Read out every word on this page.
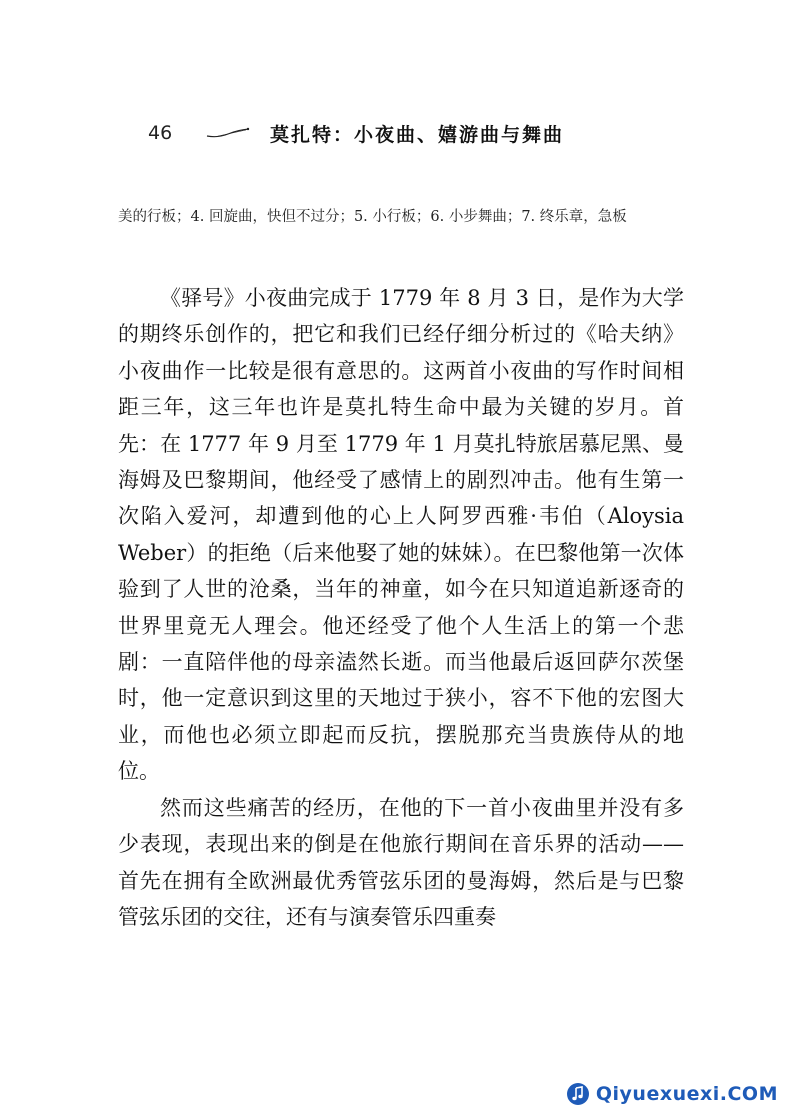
46	莫扎特：小夜曲、嬉游曲与舞曲
美的行板；4. 回旋曲，快但不过分；5. 小行板；6. 小步舞曲；7. 终乐章，急板

《驿号》小夜曲完成于 1779 年 8 月 3 日，是作为大学的期终乐创作的，把它和我们已经仔细分析过的《哈夫纳》小夜曲作一比较是很有意思的。这两首小夜曲的写作时间相距三年，这三年也许是莫扎特生命中最为关键的岁月。首先：在 1777 年 9 月至 1779 年 1 月莫扎特旅居慕尼黑、曼海姆及巴黎期间，他经受了感情上的剧烈冲击。他有生第一次陷入爱河，却遭到他的心上人阿罗西雅·韦伯（Aloysia Weber）的拒绝（后来他娶了她的妹妹）。在巴黎他第一次体验到了人世的沧桑，当年的神童，如今在只知道追新逐奇的世界里竟无人理会。他还经受了他个人生活上的第一个悲剧：一直陪伴他的母亲溘然长逝。而当他最后返回萨尔茨堡时，他一定意识到这里的天地过于狭小，容不下他的宏图大业，而他也必须立即起而反抗，摆脱那充当贵族侍从的地位。

然而这些痛苦的经历，在他的下一首小夜曲里并没有多少表现，表现出来的倒是在他旅行期间在音乐界的活动——首先在拥有全欧洲最优秀管弦乐团的曼海姆，然后是与巴黎管弦乐团的交往，还有与演奏管乐四重奏

Qiyuexuexi.COM
